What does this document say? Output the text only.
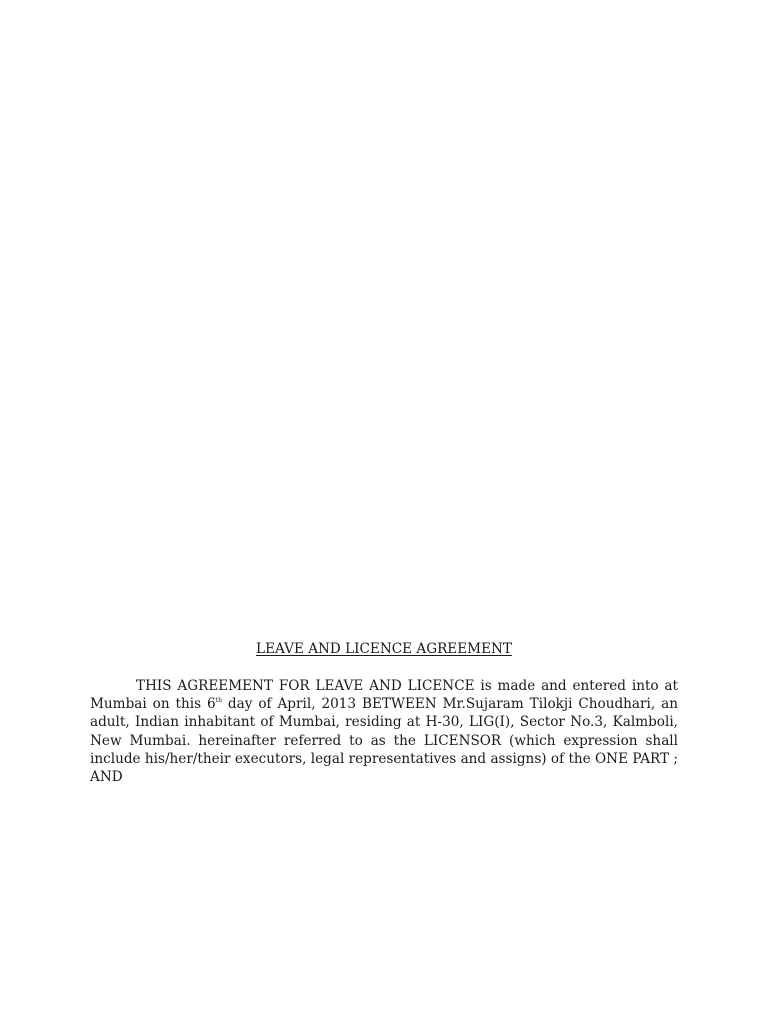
LEAVE AND LICENCE AGREEMENT

THIS AGREEMENT FOR LEAVE AND LICENCE is made and entered into at Mumbai on this 6th day of April, 2013 BETWEEN Mr.Sujaram Tilokji Choudhari, an adult, Indian inhabitant of Mumbai, residing at H-30, LIG(I), Sector No.3, Kalmboli, New Mumbai. hereinafter referred to as the LICENSOR (which expression shall include his/her/their executors, legal representatives and assigns) of the ONE PART ; AND
